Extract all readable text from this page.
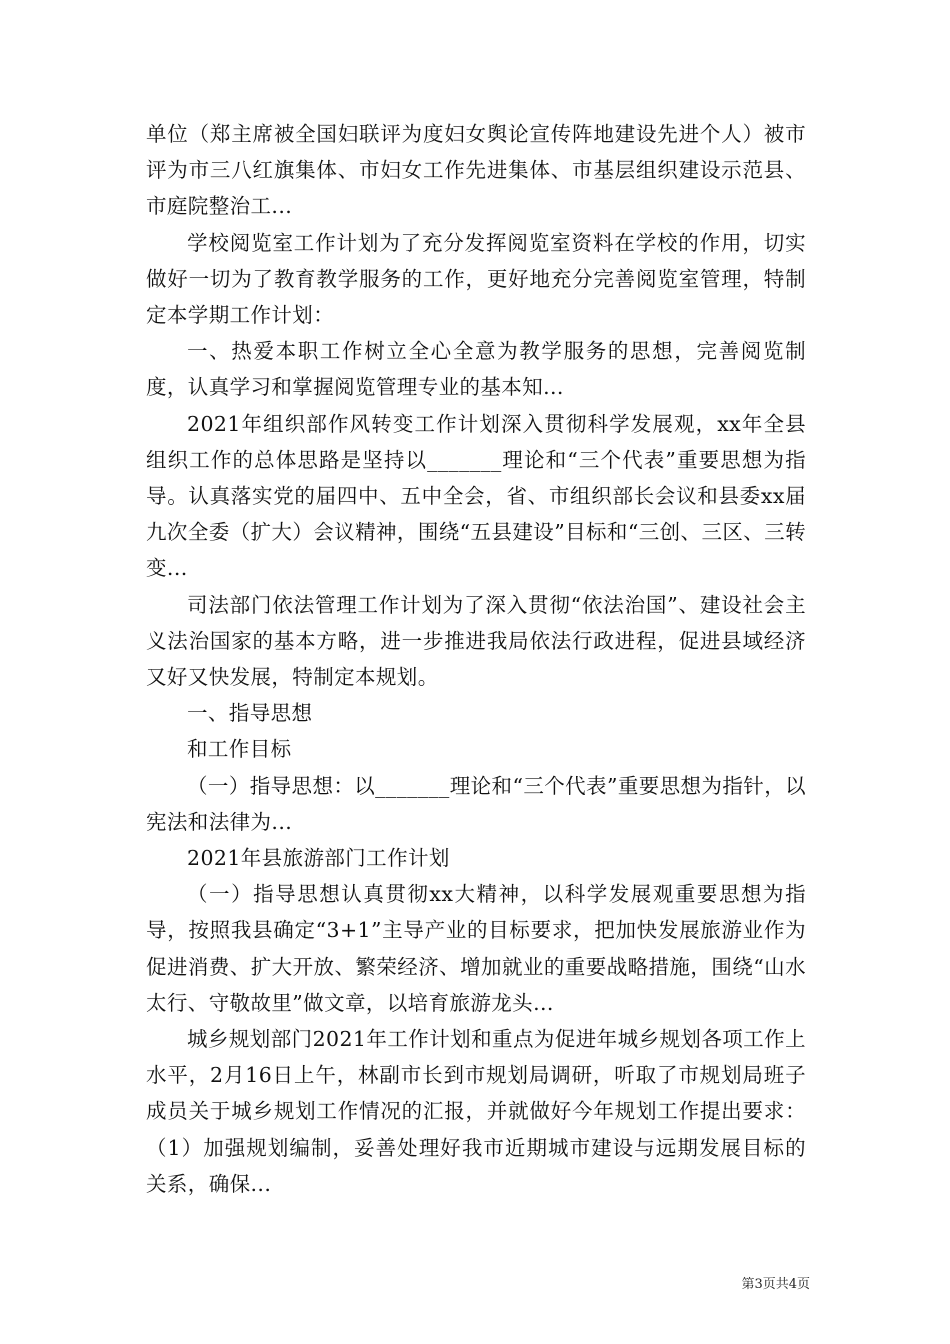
单位（郑主席被全国妇联评为度妇女舆论宣传阵地建设先进个人）被市评为市三八红旗集体、市妇女工作先进集体、市基层组织建设示范县、市庭院整治工...

学校阅览室工作计划为了充分发挥阅览室资料在学校的作用，切实做好一切为了教育教学服务的工作，更好地充分完善阅览室管理，特制定本学期工作计划：

一、热爱本职工作树立全心全意为教学服务的思想，完善阅览制度，认真学习和掌握阅览管理专业的基本知...

2021年组织部作风转变工作计划深入贯彻科学发展观，xx年全县组织工作的总体思路是坚持以_______理论和“三个代表”重要思想为指导。认真落实党的届四中、五中全会，省、市组织部长会议和县委xx届九次全委（扩大）会议精神，围绕“五县建设”目标和“三创、三区、三转变...

司法部门依法管理工作计划为了深入贯彻“依法治国”、建设社会主义法治国家的基本方略，进一步推进我局依法行政进程，促进县域经济又好又快发展，特制定本规划。

一、指导思想

和工作目标

（一）指导思想：以_______理论和“三个代表”重要思想为指针，以宪法和法律为...

2021年县旅游部门工作计划

（一）指导思想认真贯彻xx大精神，以科学发展观重要思想为指导，按照我县确定“3+1”主导产业的目标要求，把加快发展旅游业作为促进消费、扩大开放、繁荣经济、增加就业的重要战略措施，围绕“山水太行、守敬故里”做文章，以培育旅游龙头...

城乡规划部门2021年工作计划和重点为促进年城乡规划各项工作上水平，2月16日上午，林副市长到市规划局调研，听取了市规划局班子成员关于城乡规划工作情况的汇报，并就做好今年规划工作提出要求：（1）加强规划编制，妥善处理好我市近期城市建设与远期发展目标的关系，确保...

第3页共4页
